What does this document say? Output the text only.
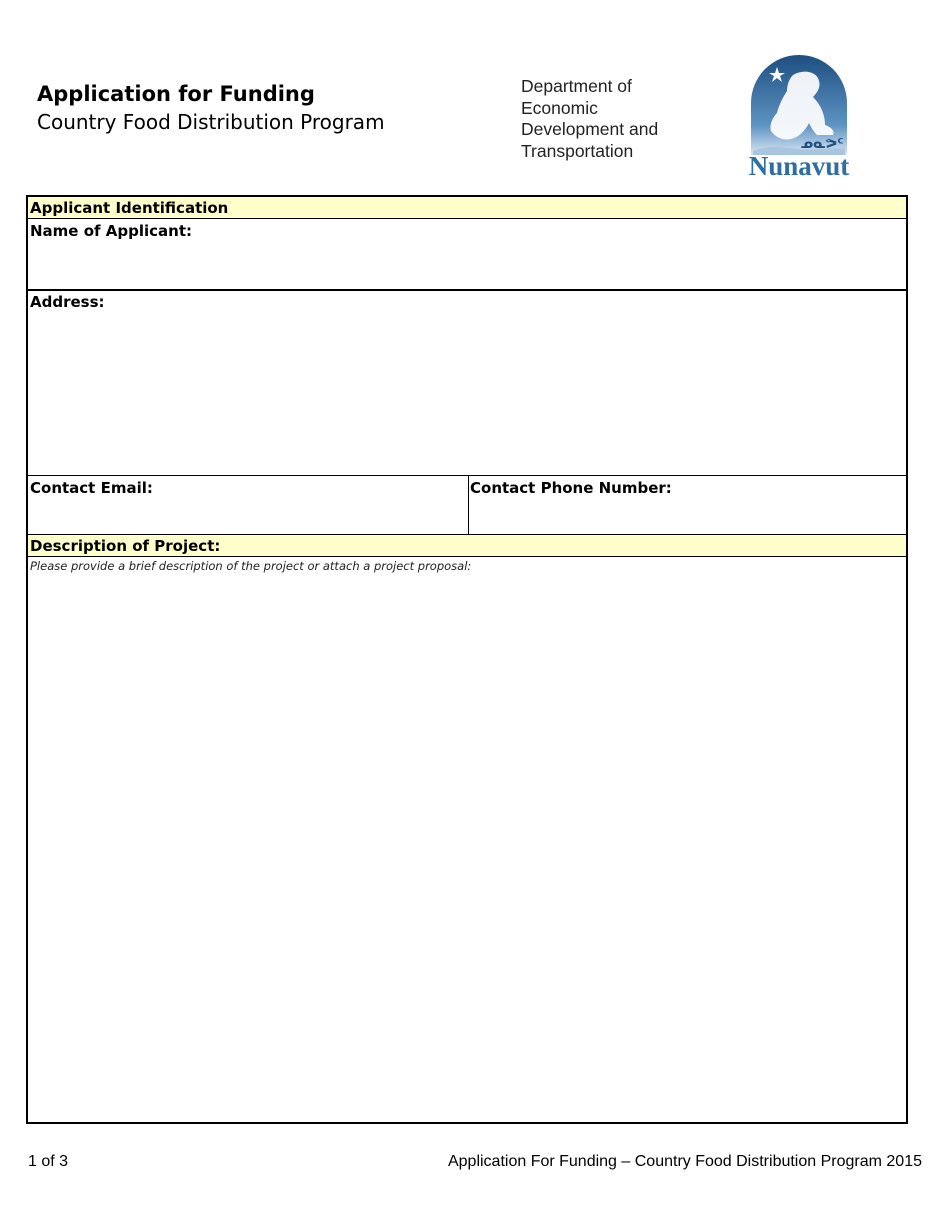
Application for Funding

Country Food Distribution Program

Department of
Economic
Development and
Transportation	ᓄᓇᕗᑦ
Nunavut
Applicant Identification
Name of Applicant:
Address:
Contact Email:	Contact Phone Number:
Description of Project:
Please provide a brief description of the project or attach a project proposal:
1 of 3	Application For Funding – Country Food Distribution Program 2015
